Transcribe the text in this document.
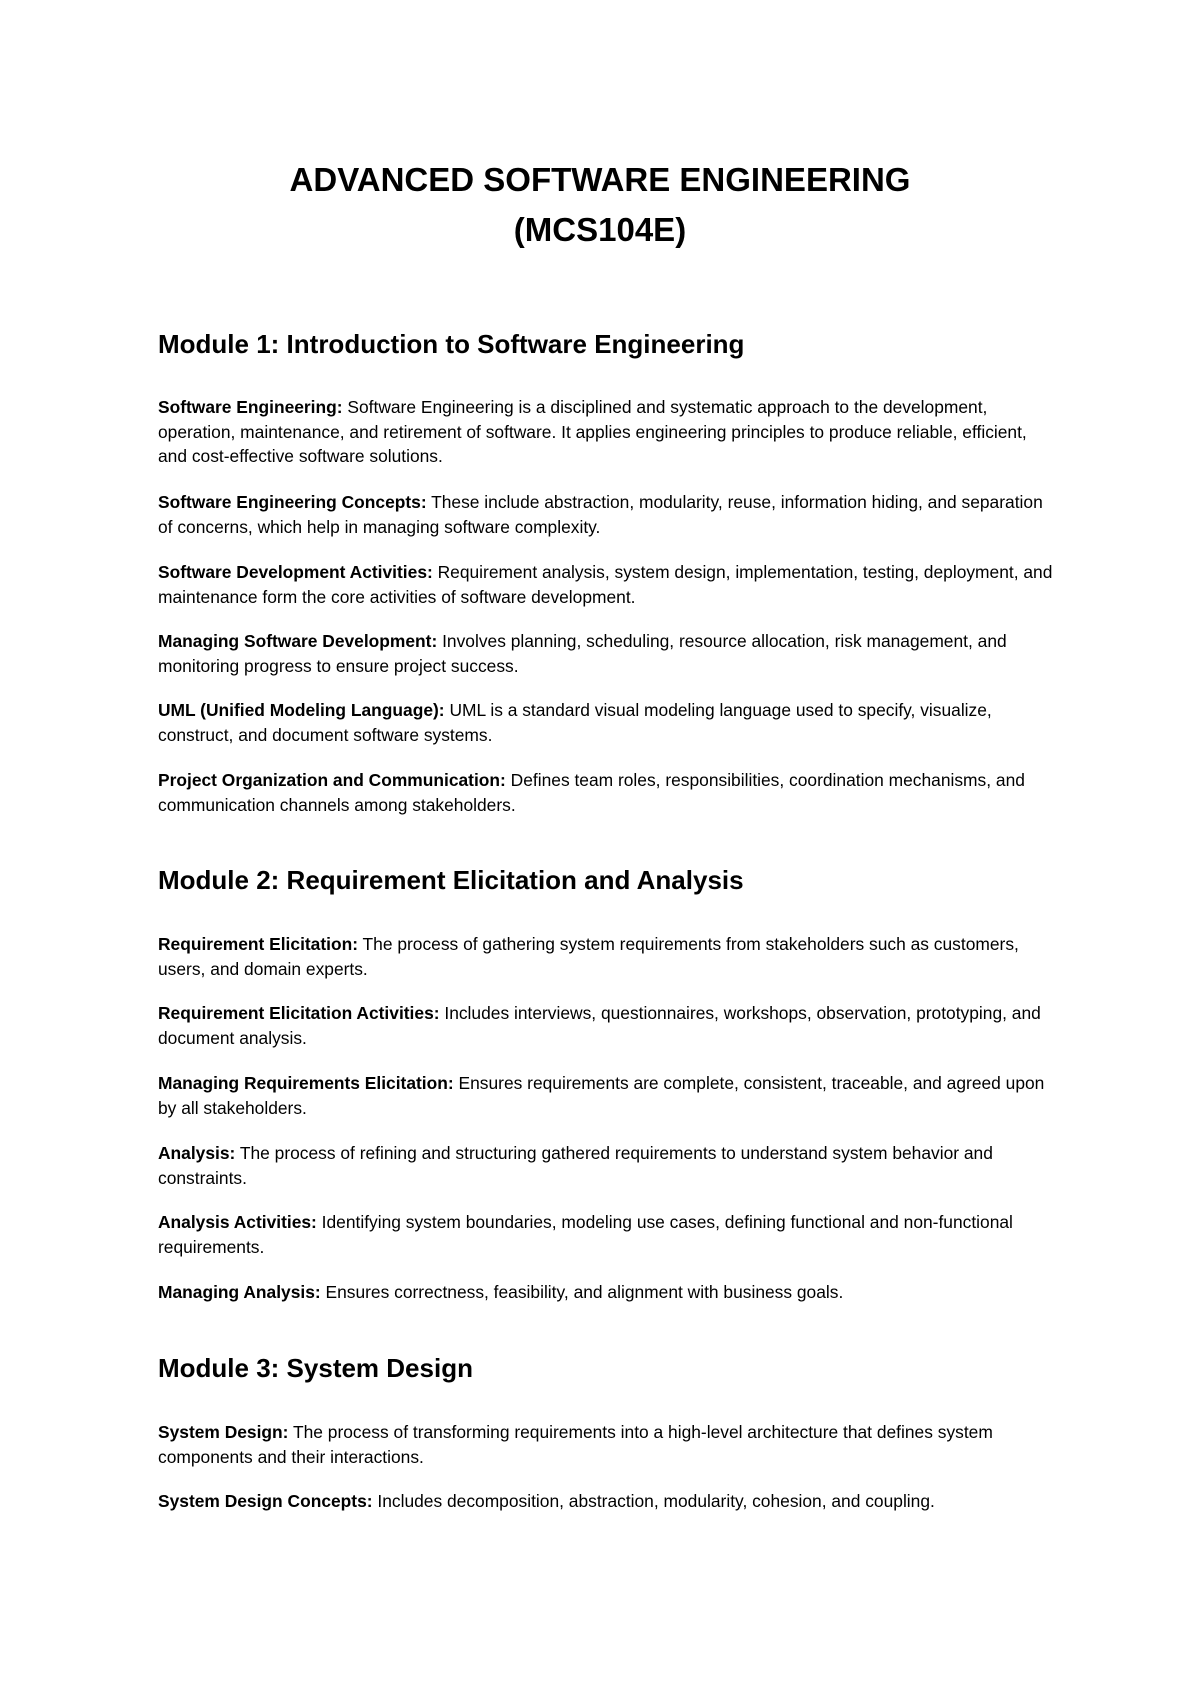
ADVANCED SOFTWARE ENGINEERING
(MCS104E)
Module 1: Introduction to Software Engineering

Software Engineering: Software Engineering is a disciplined and systematic approach to the development, operation, maintenance, and retirement of software. It applies engineering principles to produce reliable, efficient, and cost-effective software solutions.

Software Engineering Concepts: These include abstraction, modularity, reuse, information hiding, and separation of concerns, which help in managing software complexity.

Software Development Activities: Requirement analysis, system design, implementation, testing, deployment, and maintenance form the core activities of software development.

Managing Software Development: Involves planning, scheduling, resource allocation, risk management, and monitoring progress to ensure project success.

UML (Unified Modeling Language): UML is a standard visual modeling language used to specify, visualize, construct, and document software systems.

Project Organization and Communication: Defines team roles, responsibilities, coordination mechanisms, and communication channels among stakeholders.

Module 2: Requirement Elicitation and Analysis

Requirement Elicitation: The process of gathering system requirements from stakeholders such as customers, users, and domain experts.

Requirement Elicitation Activities: Includes interviews, questionnaires, workshops, observation, prototyping, and document analysis.

Managing Requirements Elicitation: Ensures requirements are complete, consistent, traceable, and agreed upon by all stakeholders.

Analysis: The process of refining and structuring gathered requirements to understand system behavior and constraints.

Analysis Activities: Identifying system boundaries, modeling use cases, defining functional and non-functional requirements.

Managing Analysis: Ensures correctness, feasibility, and alignment with business goals.

Module 3: System Design

System Design: The process of transforming requirements into a high-level architecture that defines system components and their interactions.

System Design Concepts: Includes decomposition, abstraction, modularity, cohesion, and coupling.
